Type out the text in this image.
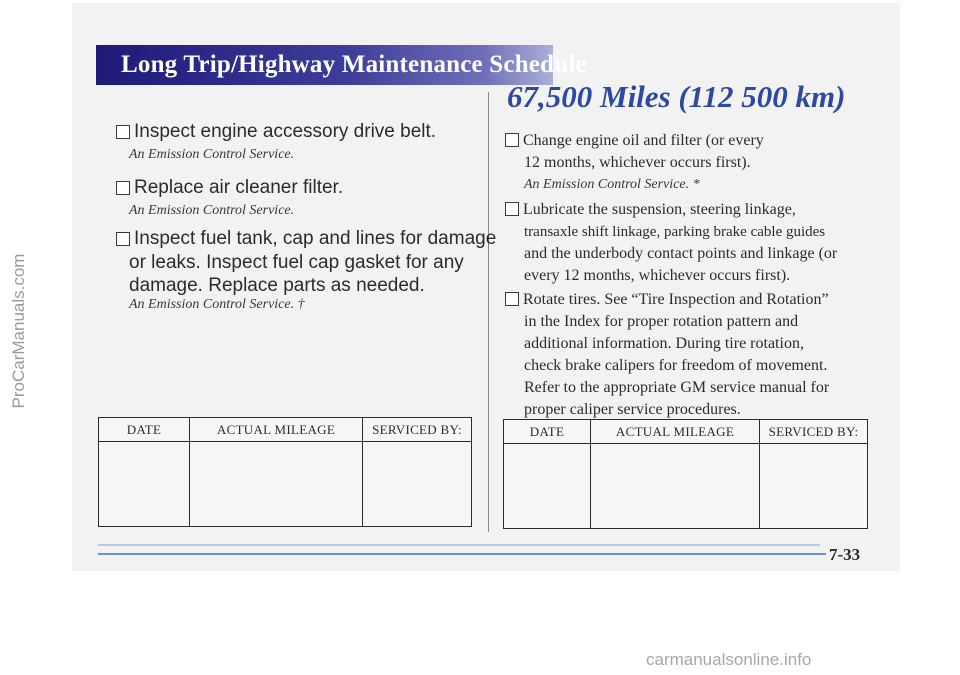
Long Trip/Highway Maintenance Schedule
67,500 Miles (112 500 km)
Inspect engine accessory drive belt.
An Emission Control Service.
Replace air cleaner filter.
An Emission Control Service.
Inspect fuel tank, cap and lines for damage
or leaks. Inspect fuel cap gasket for any
damage. Replace parts as needed.
An Emission Control Service. †
Change engine oil and filter (or every
12 months, whichever occurs first).
An Emission Control Service. *
Lubricate the suspension, steering linkage,
transaxle shift linkage, parking brake cable guides
and the underbody contact points and linkage (or
every 12 months, whichever occurs first).
Rotate tires. See “Tire Inspection and Rotation”
in the Index for proper rotation pattern and
additional information. During tire rotation,
check brake calipers for freedom of movement.
Refer to the appropriate GM service manual for
proper caliper service procedures.
DATE	ACTUAL MILEAGE	SERVICED BY:
			DATE	ACTUAL MILEAGE	SERVICED BY:

7-33
ProCarManuals.com
carmanualsonline.info
